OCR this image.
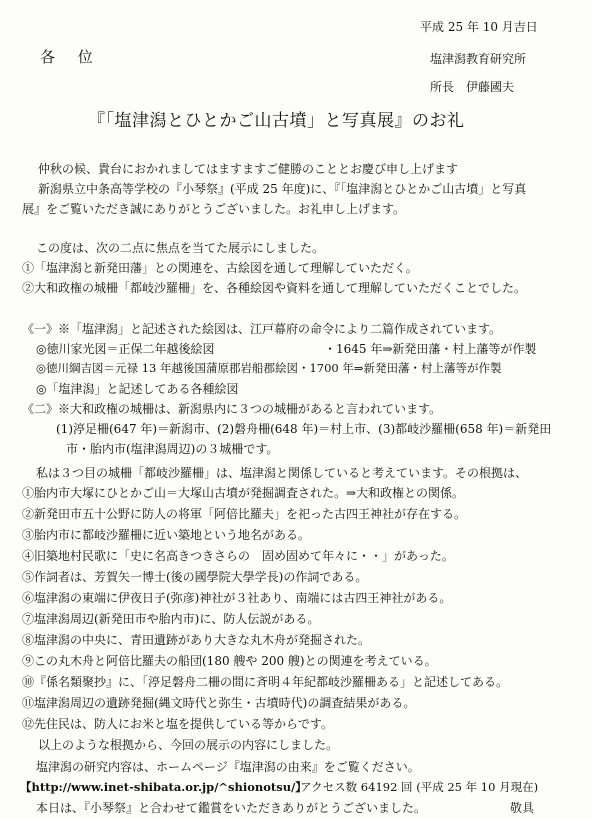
平成 25 年 10 月吉日
各 位	塩津潟教育研究所
所長　伊藤國夫
『「塩津潟とひとかご山古墳」と写真展』のお礼
仲秋の候、貴台におかれましてはますますご健勝のこととお慶び申し上げます
新潟県立中条高等学校の『小琴祭』(平成 25 年度)に、『「塩津潟とひとかご山古墳」と写真
展』をご覧いただき誠にありがとうございました。お礼申し上げます。
この度は、次の二点に焦点を当てた展示にしました。
①「塩津潟と新発田藩」との関連を、古絵図を通して理解していただく。
②大和政権の城柵「都岐沙羅柵」を、各種絵図や資料を通して理解していただくことでした。
《一》※「塩津潟」と記述された絵図は、江戸幕府の命令により二篇作成されています。
◎徳川家光図＝正保二年越後絵図	・1645 年⇒新発田藩・村上藩等が作製
◎徳川綱吉図＝元禄 13 年越後国蒲原郡岩船郡絵図・1700 年⇒新発田藩・村上藩等が作製
◎「塩津潟」と記述してある各種絵図
《二》※大和政権の城柵は、新潟県内に３つの城柵があると言われています。
(1)渟足柵(647 年)＝新潟市、(2)磐舟柵(648 年)＝村上市、(3)都岐沙羅柵(658 年)＝新発田
市・胎内市(塩津潟周辺)の３城柵です。
私は３つ目の城柵「都岐沙羅柵」は、塩津潟と関係していると考えています。その根拠は、
①胎内市大塚にひとかご山＝大塚山古墳が発掘調査された。⇒大和政権との関係。
②新発田市五十公野に防人の将軍「阿倍比羅夫」を祀った古四王神社が存在する。
③胎内市に都岐沙羅柵に近い築地という地名がある。
④旧築地村民歌に「史に名高きつきさらの　固め固めて年々に・・」があった。
⑤作詞者は、芳賀矢一博士(後の國學院大學学長)の作詞である。
⑥塩津潟の東端に伊夜日子(弥彦)神社が３社あり、南端には古四王神社がある。
⑦塩津潟周辺(新発田市や胎内市)に、防人伝説がある。
⑧塩津潟の中央に、青田遺跡があり大きな丸木舟が発掘された。
⑨この丸木舟と阿倍比羅夫の船団(180 艘や 200 艘)との関連を考えている。
⑩『係名類聚抄』に、「渟足磐舟二柵の間に斉明４年紀都岐沙羅柵ある」と記述してある。
⑪塩津潟周辺の遺跡発掘(縄文時代と弥生・古墳時代)の調査結果がある。
⑫先住民は、防人にお米と塩を提供している等からです。
以上のような根拠から、今回の展示の内容にしました。
塩津潟の研究内容は、ホームページ『塩津潟の由来』をご覧ください。
【http://www.inet-shibata.or.jp/^shionotsu/】
アクセス数 64192 回 (平成 25 年 10 月現在)
本日は、『小琴祭』と合わせて鑑賞をいただきありがとうございました。	敬具
